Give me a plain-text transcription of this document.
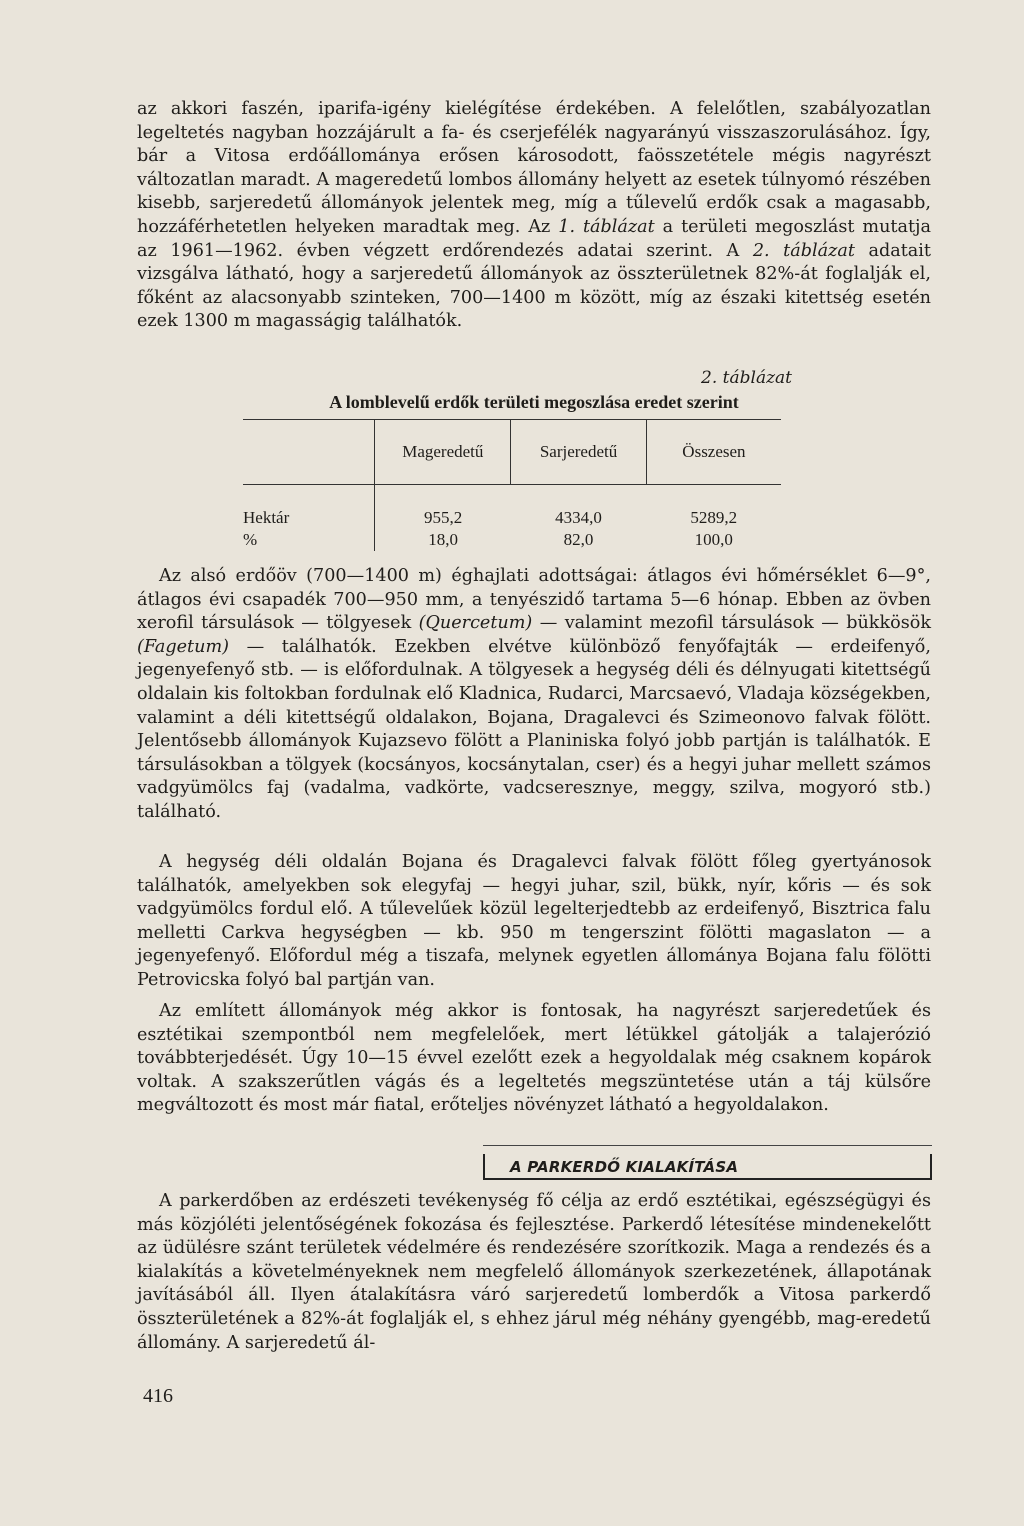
az akkori faszén, iparifa-igény kielégítése érdekében. A felelőtlen, szabályozatlan legeltetés nagyban hozzájárult a fa- és cserjefélék nagyarányú visszaszorulásához. Így, bár a Vitosa erdőállománya erősen károsodott, faösszetétele mégis nagyrészt változatlan maradt. A mageredetű lombos állomány helyett az esetek túlnyomó részében kisebb, sarjeredetű állományok jelentek meg, míg a tűlevelű erdők csak a magasabb, hozzáférhetetlen helyeken maradtak meg. Az 1. táblázat a területi megoszlást mutatja az 1961—1962. évben végzett erdőrendezés adatai szerint. A 2. táblázat adatait vizsgálva látható, hogy a sarjeredetű állományok az összterületnek 82%-át foglalják el, főként az alacsonyabb szinteken, 700—1400 m között, míg az északi kitettség esetén ezek 1300 m magasságig találhatók.

2. táblázat
A lomblevelű erdők területi megoszlása eredet szerint
	Mageredetű	Sarjeredetű	Összesen

Hektár	955,2	4334,0	5289,2
%	18,0	82,0	100,0

Az alsó erdőöv (700—1400 m) éghajlati adottságai: átlagos évi hőmérséklet 6—9°, átlagos évi csapadék 700—950 mm, a tenyészidő tartama 5—6 hónap. Ebben az övben xerofil társulások — tölgyesek (Quercetum) — valamint mezofil társulások — bükkösök (Fagetum) — találhatók. Ezekben elvétve különböző fenyőfajták — erdeifenyő, jegenyefenyő stb. — is előfordulnak. A tölgyesek a hegység déli és délnyugati kitettségű oldalain kis foltokban fordulnak elő Kladnica, Rudarci, Marcsaevó, Vladaja községekben, valamint a déli kitettségű oldalakon, Bojana, Dragalevci és Szimeonovo falvak fölött. Jelentősebb állományok Kujazsevo fölött a Planiniska folyó jobb partján is találhatók. E társulásokban a tölgyek (kocsányos, kocsánytalan, cser) és a hegyi juhar mellett számos vadgyümölcs faj (vadalma, vadkörte, vadcseresznye, meggy, szilva, mogyoró stb.) található.

A hegység déli oldalán Bojana és Dragalevci falvak fölött főleg gyertyánosok találhatók, amelyekben sok elegyfaj — hegyi juhar, szil, bükk, nyír, kőris — és sok vadgyümölcs fordul elő. A tűlevelűek közül legelterjedtebb az erdeifenyő, Bisztrica falu melletti Carkva hegységben — kb. 950 m tengerszint fölötti magaslaton — a jegenyefenyő. Előfordul még a tiszafa, melynek egyetlen állománya Bojana falu fölötti Petrovicska folyó bal partján van.

Az említett állományok még akkor is fontosak, ha nagyrészt sarjeredetűek és esztétikai szempontból nem megfelelőek, mert létükkel gátolják a talajerózió továbbterjedését. Úgy 10—15 évvel ezelőtt ezek a hegyoldalak még csaknem kopárok voltak. A szakszerűtlen vágás és a legeltetés megszüntetése után a táj külsőre megváltozott és most már fiatal, erőteljes növényzet látható a hegyoldalakon.

A PARKERDŐ KIALAKÍTÁSA

A parkerdőben az erdészeti tevékenység fő célja az erdő esztétikai, egészségügyi és más közjóléti jelentőségének fokozása és fejlesztése. Parkerdő létesítése mindenekelőtt az üdülésre szánt területek védelmére és rendezésére szorítkozik. Maga a rendezés és a kialakítás a követelményeknek nem megfelelő állományok szerkezetének, állapotának javításából áll. Ilyen átalakításra váró sarjeredetű lomberdők a Vitosa parkerdő összterületének a 82%-át foglalják el, s ehhez járul még néhány gyengébb, mag-eredetű állomány. A sarjeredetű ál-

416
